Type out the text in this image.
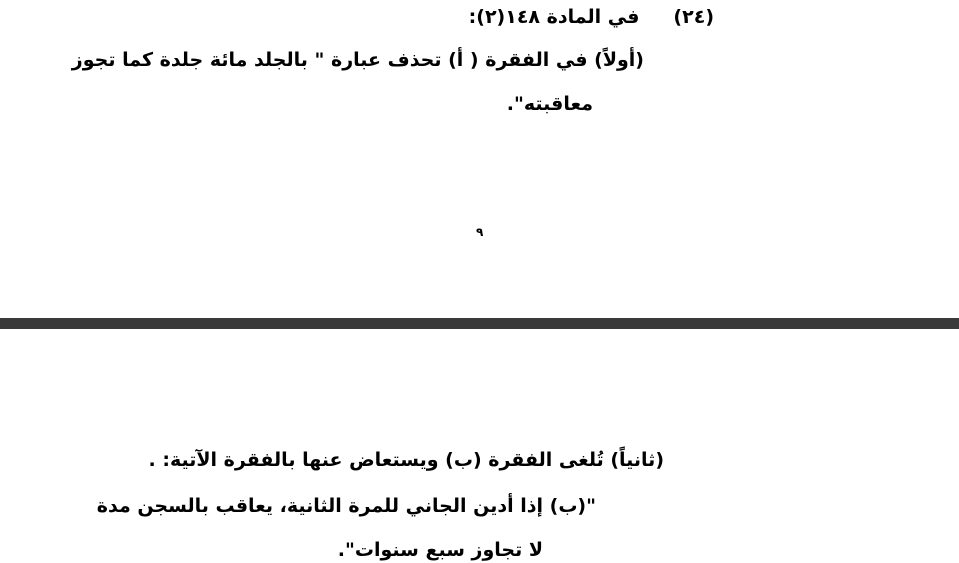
(٢٤)في المادة ١٤٨(٢):
(أولاً) في الفقرة ( أ) تحذف عبارة " بالجلد مائة جلدة كما تجوز
معاقبته".
٩
(ثانياً) تُلغى الفقرة (ب) ويستعاض عنها بالفقرة الآتية: .
"(ب) إذا أدين الجاني للمرة الثانية، يعاقب بالسجن مدة
لا تجاوز سبع سنوات".
